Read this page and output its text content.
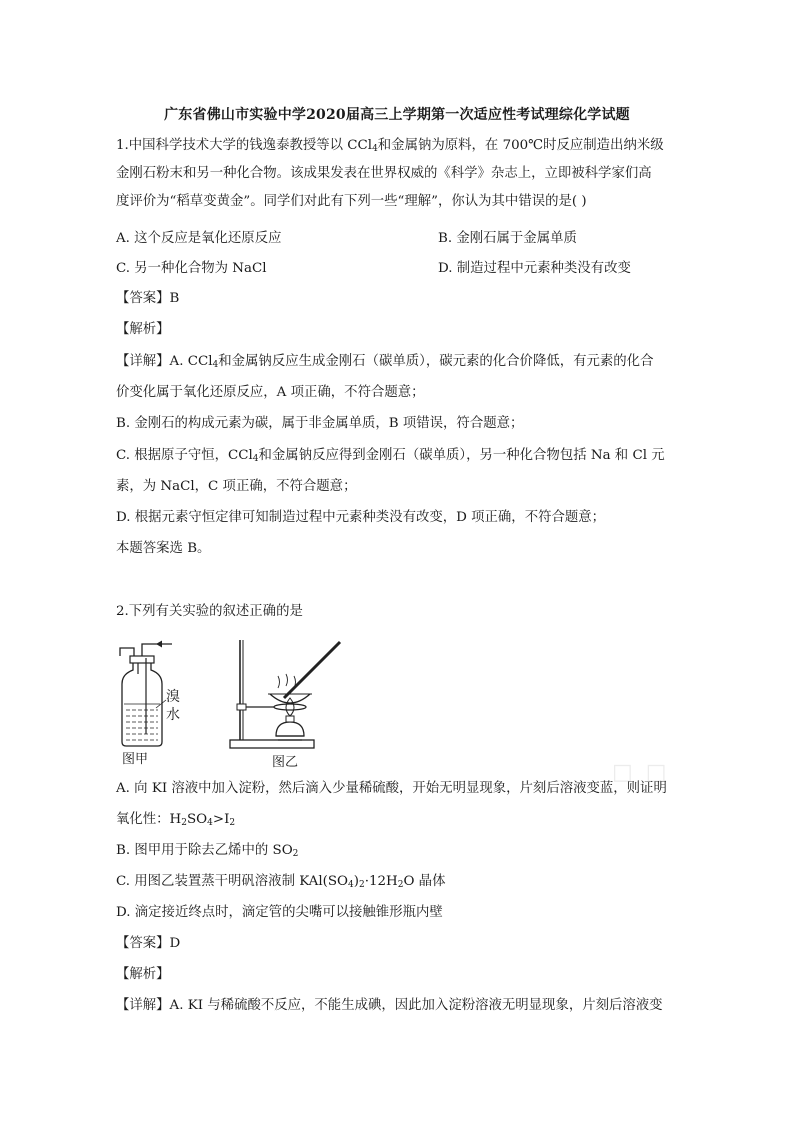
广东省佛山市实验中学2020届高三上学期第一次适应性考试理综化学试题
1.中国科学技术大学的钱逸泰教授等以 CCl$_4$和金属钠为原料，在 700℃时反应制造出纳米级
金刚石粉末和另一种化合物。该成果发表在世界权威的《科学》杂志上，立即被科学家们高
度评价为“稻草变黄金”。同学们对此有下列一些“理解”，你认为其中错误的是( )
A. 这个反应是氧化还原反应	B. 金刚石属于金属单质
C. 另一种化合物为 NaCl	D. 制造过程中元素种类没有改变
【答案】B
【解析】
【详解】A. CCl$_4$和金属钠反应生成金刚石（碳单质），碳元素的化合价降低，有元素的化合
价变化属于氧化还原反应，A 项正确，不符合题意；
B. 金刚石的构成元素为碳，属于非金属单质，B 项错误，符合题意；
C. 根据原子守恒，CCl$_4$和金属钠反应得到金刚石（碳单质），另一种化合物包括 Na 和 Cl 元
素，为 NaCl，C 项正确，不符合题意；
D. 根据元素守恒定律可知制造过程中元素种类没有改变，D 项正确，不符合题意；
本题答案选 B。
2.下列有关实验的叙述正确的是
溴
水
图甲	图乙	□ □
A. 向 KI 溶液中加入淀粉，然后滴入少量稀硫酸，开始无明显现象，片刻后溶液变蓝，则证明
氧化性：$H_2SO_4>I_2$
B. 图甲用于除去乙烯中的 $SO_2$
C. 用图乙装置蒸干明矾溶液制 $KAl(SO_4)_2\cdot 12H_2O$ 晶体
D. 滴定接近终点时，滴定管的尖嘴可以接触锥形瓶内壁
【答案】D
【解析】
【详解】A. KI 与稀硫酸不反应，不能生成碘，因此加入淀粉溶液无明显现象，片刻后溶液变
